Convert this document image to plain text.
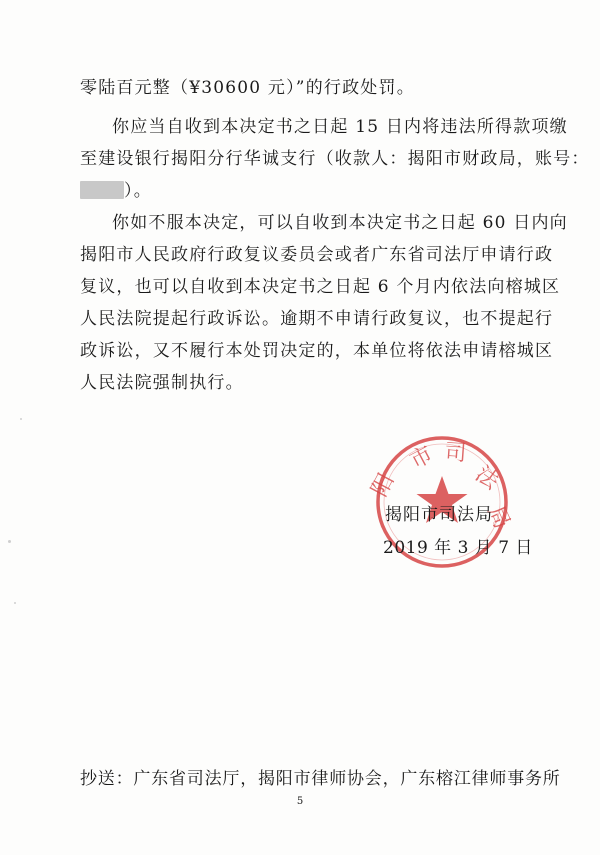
零陆百元整（¥30600 元）”的行政处罚。
你应当自收到本决定书之日起 15 日内将违法所得款项缴
至建设银行揭阳分行华诚支行（收款人：揭阳市财政局，账号：
）。
你如不服本决定，可以自收到本决定书之日起 60 日内向
揭阳市人民政府行政复议委员会或者广东省司法厅申请行政
复议，也可以自收到本决定书之日起 6 个月内依法向榕城区
人民法院提起行政诉讼。逾期不申请行政复议，也不提起行
政诉讼，又不履行本处罚决定的，本单位将依法申请榕城区
人民法院强制执行。
市 司
法
局
阳
揭阳市司法局
2019 年 3 月 7 日
抄送：广东省司法厅，揭阳市律师协会，广东榕江律师事务所
5
